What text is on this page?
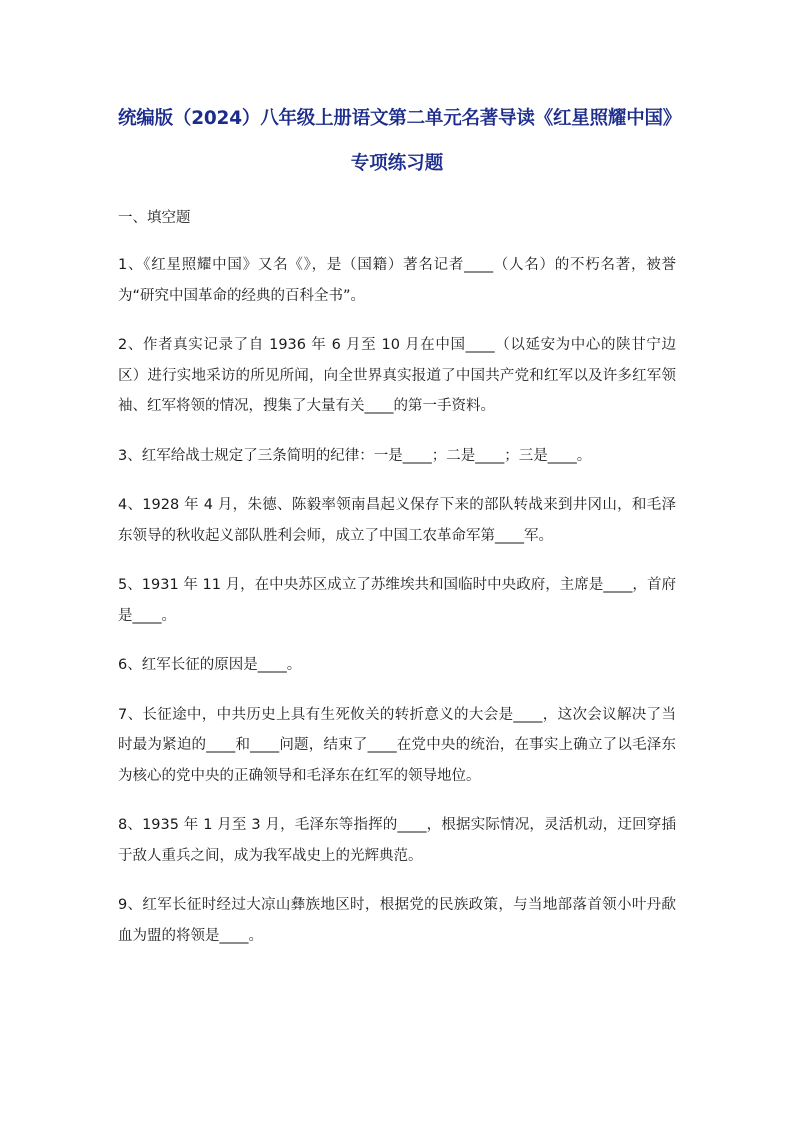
统编版（2024）八年级上册语文第二单元名著导读《红星照耀中国》
专项练习题

一、填空题

1、《红星照耀中国》又名《》，是（国籍）著名记者____（人名）的不朽名著，被誉为“研究中国革命的经典的百科全书”。

2、作者真实记录了自 1936 年 6 月至 10 月在中国____（以延安为中心的陕甘宁边区）进行实地采访的所见所闻，向全世界真实报道了中国共产党和红军以及许多红军领袖、红军将领的情况，搜集了大量有关____的第一手资料。

3、红军给战士规定了三条简明的纪律：一是____；二是____；三是____。

4、1928 年 4 月，朱德、陈毅率领南昌起义保存下来的部队转战来到井冈山，和毛泽东领导的秋收起义部队胜利会师，成立了中国工农革命军第____军。

5、1931 年 11 月，在中央苏区成立了苏维埃共和国临时中央政府，主席是____，首府是____。

6、红军长征的原因是____。

7、长征途中，中共历史上具有生死攸关的转折意义的大会是____，这次会议解决了当时最为紧迫的____和____问题，结束了____在党中央的统治，在事实上确立了以毛泽东为核心的党中央的正确领导和毛泽东在红军的领导地位。

8、1935 年 1 月至 3 月，毛泽东等指挥的____，根据实际情况，灵活机动，迂回穿插于敌人重兵之间，成为我军战史上的光辉典范。

9、红军长征时经过大凉山彝族地区时，根据党的民族政策，与当地部落首领小叶丹歃血为盟的将领是____。
